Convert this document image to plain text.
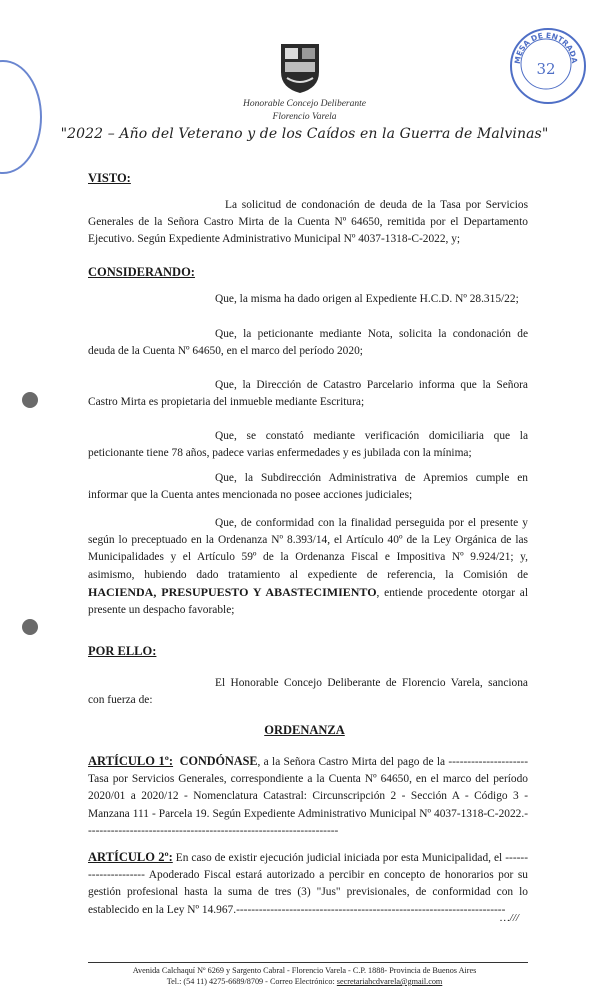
MESA DE ENTRADA
32
Honorable Concejo Deliberante
Florencio Varela
"2022 – Año del Veterano y de los Caídos en la Guerra de Malvinas"
VISTO:
La solicitud de condonación de deuda de la Tasa por Servicios Generales de la Señora Castro Mirta de la Cuenta Nº 64650, remitida por el Departamento Ejecutivo. Según Expediente Administrativo Municipal Nº 4037-1318-C-2022, y;
CONSIDERANDO:
Que, la misma ha dado origen al Expediente H.C.D. Nº 28.315/22;
Que, la peticionante mediante Nota, solicita la condonación de deuda de la Cuenta Nº 64650, en el marco del período 2020;
Que, la Dirección de Catastro Parcelario informa que la Señora Castro Mirta es propietaria del inmueble mediante Escritura;
Que, se constató mediante verificación domiciliaria que la peticionante tiene 78 años, padece varias enfermedades y es jubilada con la mínima;
Que, la Subdirección Administrativa de Apremios cumple en informar que la Cuenta antes mencionada no posee acciones judiciales;
Que, de conformidad con la finalidad perseguida por el presente y según lo preceptuado en la Ordenanza Nº 8.393/14, el Artículo 40º de la Ley Orgánica de las Municipalidades y el Artículo 59º de la Ordenanza Fiscal e Impositiva Nº 9.924/21; y, asimismo, hubiendo dado tratamiento al expediente de referencia, la Comisión de HACIENDA, PRESUPUESTO Y ABASTECIMIENTO, entiende procedente otorgar al presente un despacho favorable;
POR ELLO:
El Honorable Concejo Deliberante de Florencio Varela, sanciona con fuerza de:
ORDENANZA
ARTÍCULO 1º: CONDÓNASE, a la Señora Castro Mirta del pago de la --------------------- Tasa por Servicios Generales, correspondiente a la Cuenta Nº 64650, en el marco del período 2020/01 a 2020/12 - Nomenclatura Catastral: Circunscripción 2 - Sección A - Código 3 - Manzana 111 - Parcela 19. Según Expediente Administrativo Municipal Nº 4037-1318-C-2022.-------------------------------------------------------------------
ARTÍCULO 2º: En caso de existir ejecución judicial iniciada por esta Municipalidad, el --------------------- Apoderado Fiscal estará autorizado a percibir en concepto de honorarios por su gestión profesional hasta la suma de tres (3) "Jus" previsionales, de conformidad con lo establecido en la Ley Nº 14.967.-----------------------------------------------------------------------
…///
Avenida Calchaquí Nº 6269 y Sargento Cabral - Florencio Varela - C.P. 1888- Provincia de Buenos Aires
Tel.: (54 11) 4275-6689/8709 - Correo Electrónico: secretariahcdvarela@gmail.com
